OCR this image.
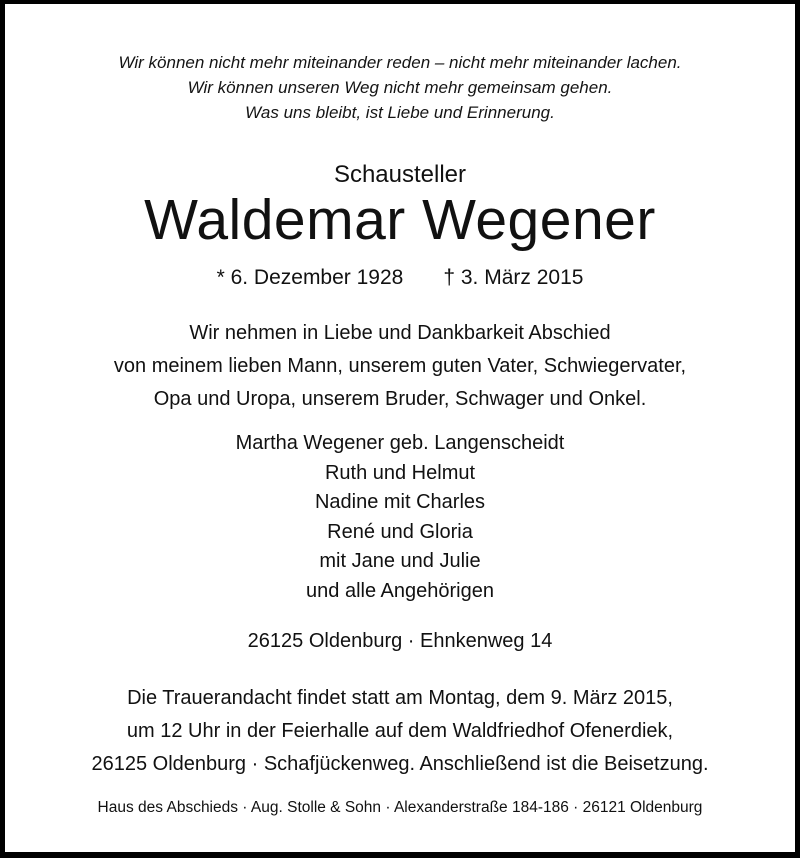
Wir können nicht mehr miteinander reden – nicht mehr miteinander lachen.
Wir können unseren Weg nicht mehr gemeinsam gehen.
Was uns bleibt, ist Liebe und Erinnerung.
Schausteller
Waldemar Wegener
* 6. Dezember 1928 † 3. März 2015
Wir nehmen in Liebe und Dankbarkeit Abschied
von meinem lieben Mann, unserem guten Vater, Schwiegervater,
Opa und Uropa, unserem Bruder, Schwager und Onkel.
Martha Wegener geb. Langenscheidt
Ruth und Helmut
Nadine mit Charles
René und Gloria
mit Jane und Julie
und alle Angehörigen
26125 Oldenburg · Ehnkenweg 14
Die Trauerandacht findet statt am Montag, dem 9. März 2015,
um 12 Uhr in der Feierhalle auf dem Waldfriedhof Ofenerdiek,
26125 Oldenburg · Schafjückenweg. Anschließend ist die Beisetzung.
Haus des Abschieds · Aug. Stolle & Sohn · Alexanderstraße 184-186 · 26121 Oldenburg
